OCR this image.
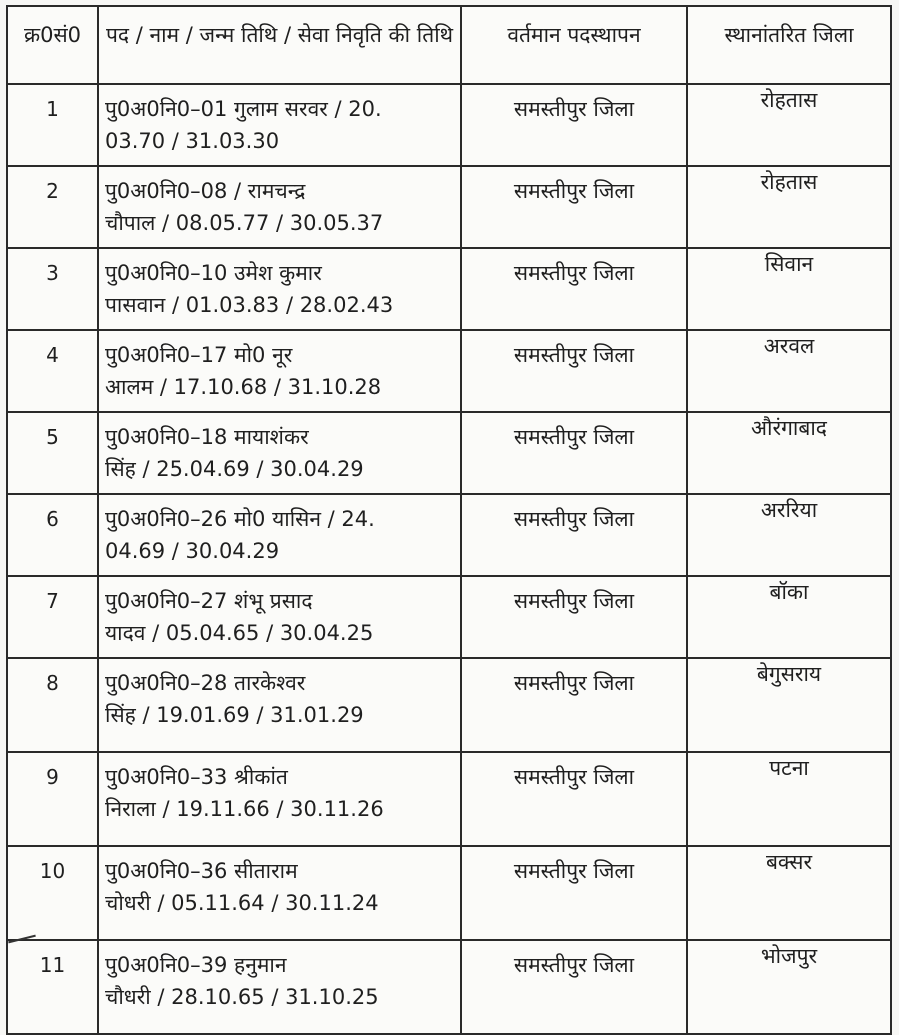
क्र0सं0	पद / नाम / जन्म तिथि / सेवा निवृति की तिथि	वर्तमान पदस्थापन	स्थानांतरित जिला
1	पु0अ0नि0–01 गुलाम सरवर / 20.
03.70 / 31.03.30	समस्तीपुर जिला	रोहतास
2	पु0अ0नि0–08 / रामचन्द्र
चौपाल / 08.05.77 / 30.05.37	समस्तीपुर जिला	रोहतास
3	पु0अ0नि0–10 उमेश कुमार
पासवान / 01.03.83 / 28.02.43	समस्तीपुर जिला	सिवान
4	पु0अ0नि0–17 मो0 नूर
आलम / 17.10.68 / 31.10.28	समस्तीपुर जिला	अरवल
5	पु0अ0नि0–18 मायाशंकर
सिंह / 25.04.69 / 30.04.29	समस्तीपुर जिला	औरंगाबाद
6	पु0अ0नि0–26 मो0 यासिन / 24.
04.69 / 30.04.29	समस्तीपुर जिला	अररिया
7	पु0अ0नि0–27 शंभू प्रसाद
यादव / 05.04.65 / 30.04.25	समस्तीपुर जिला	बॉका
8	पु0अ0नि0–28 तारकेश्वर
सिंह / 19.01.69 / 31.01.29	समस्तीपुर जिला	बेगुसराय
9	पु0अ0नि0–33 श्रीकांत
निराला / 19.11.66 / 30.11.26	समस्तीपुर जिला	पटना
10	पु0अ0नि0–36 सीताराम
चोधरी / 05.11.64 / 30.11.24	समस्तीपुर जिला	बक्सर
11	पु0अ0नि0–39 हनुमान
चौधरी / 28.10.65 / 31.10.25	समस्तीपुर जिला	भोजपुर
